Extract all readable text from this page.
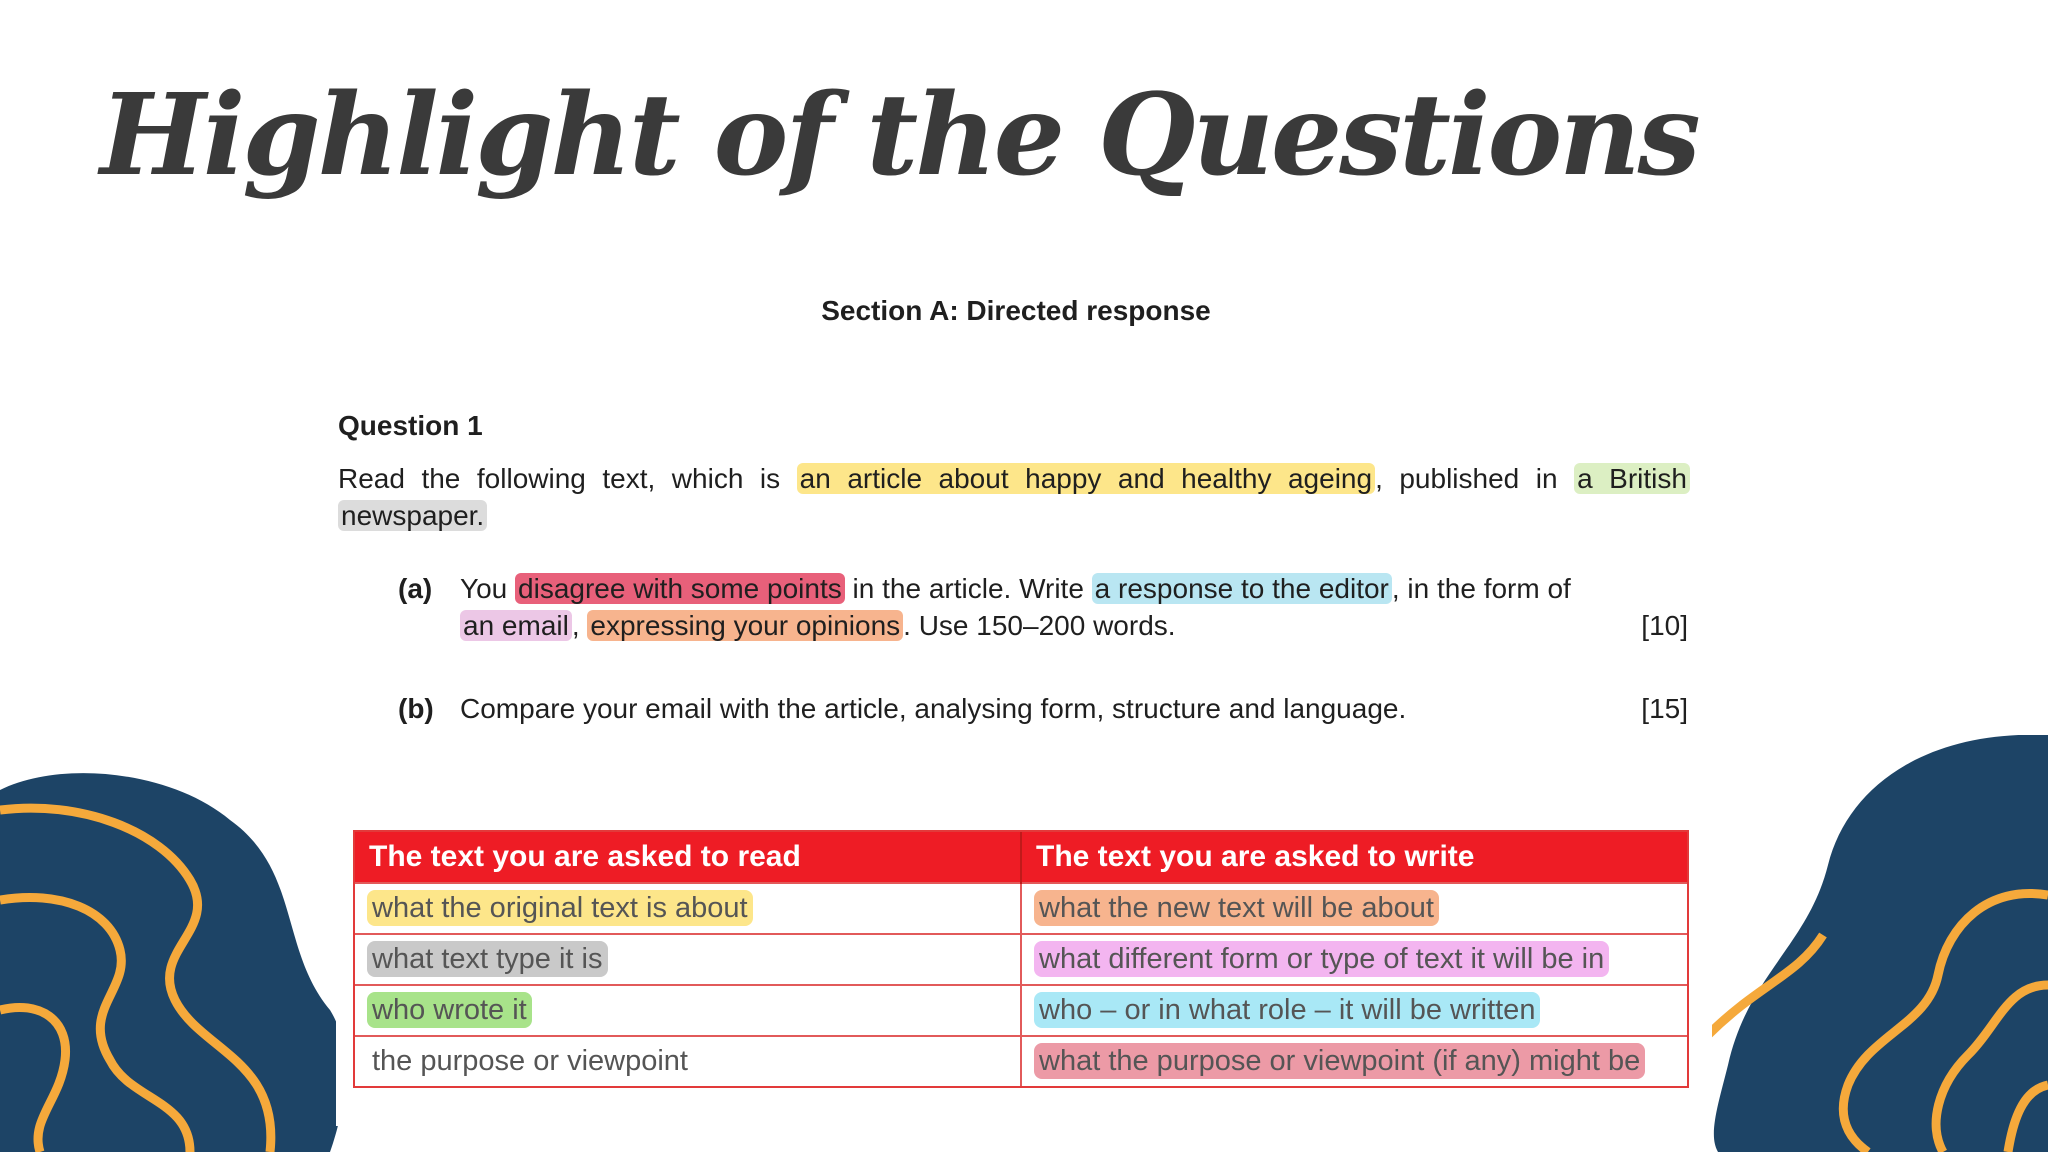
Highlight of the Questions
Section A: Directed response
Question 1
Read the following text, which is an article about happy and healthy ageing , published in a British newspaper.
(a) You disagree with some points in the article. Write a response to the editor , in the form of an email , expressing your opinions . Use 150–200 words.	[10]
(b) Compare your email with the article, analysing form, structure and language.	[15]
The text you are asked to read	The text you are asked to write
what the original text is about	what the new text will be about
what text type it is	what different form or type of text it will be in
who wrote it	who – or in what role – it will be written
the purpose or viewpoint	what the purpose or viewpoint (if any) might be
